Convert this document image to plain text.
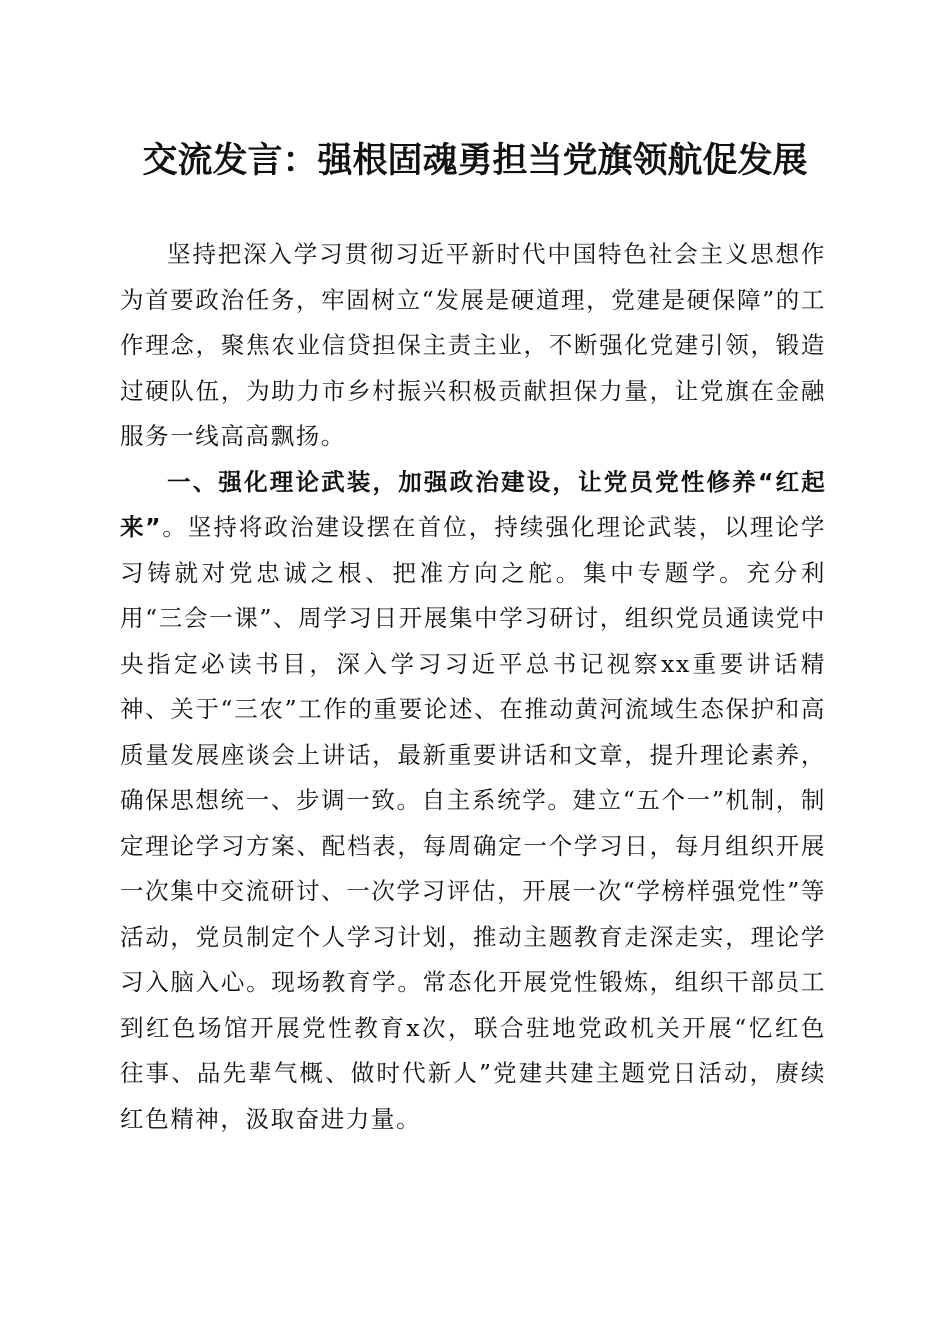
交流发言：强根固魂勇担当党旗领航促发展

坚持把深入学习贯彻习近平新时代中国特色社会主义思想作为首要政治任务，牢固树立“发展是硬道理，党建是硬保障”的工作理念，聚焦农业信贷担保主责主业，不断强化党建引领，锻造过硬队伍，为助力市乡村振兴积极贡献担保力量，让党旗在金融服务一线高高飘扬。

一、强化理论武装，加强政治建设，让党员党性修养“红起来”。坚持将政治建设摆在首位，持续强化理论武装，以理论学习铸就对党忠诚之根、把准方向之舵。集中专题学。充分利用“三会一课”、周学习日开展集中学习研讨，组织党员通读党中央指定必读书目，深入学习习近平总书记视察xx重要讲话精神、关于“三农”工作的重要论述、在推动黄河流域生态保护和高质量发展座谈会上讲话，最新重要讲话和文章，提升理论素养，确保思想统一、步调一致。自主系统学。建立“五个一”机制，制定理论学习方案、配档表，每周确定一个学习日，每月组织开展一次集中交流研讨、一次学习评估，开展一次“学榜样强党性”等活动，党员制定个人学习计划，推动主题教育走深走实，理论学习入脑入心。现场教育学。常态化开展党性锻炼，组织干部员工到红色场馆开展党性教育x次，联合驻地党政机关开展“忆红色往事、品先辈气概、做时代新人”党建共建主题党日活动，赓续红色精神，汲取奋进力量。
